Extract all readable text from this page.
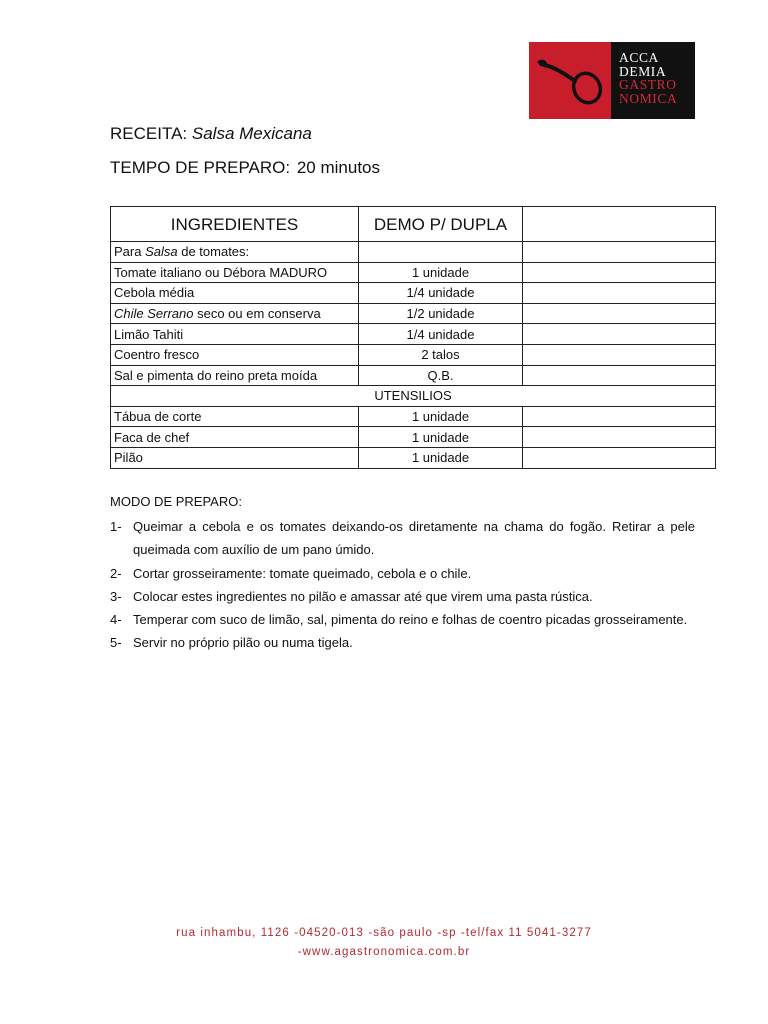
ACCA
DEMIA
GASTRO
NOMICA
RECEITA: Salsa Mexicana
TEMPO DE PREPARO: 20 minutos
INGREDIENTES	DEMO P/ DUPLA	
Para Salsa de tomates:		
Tomate italiano ou Débora MADURO	1 unidade	
Cebola média	1/4 unidade	
Chile Serrano seco ou em conserva	1/2 unidade	
Limão Tahiti	1/4 unidade	
Coentro fresco	2 talos	
Sal e pimenta do reino preta moída	Q.B.	
UTENSILIOS		
Tábua de corte	1 unidade	
Faca de chef	1 unidade	
Pilão	1 unidade	
MODO DE PREPARO:
1- Queimar a cebola e os tomates deixando-os diretamente na chama do fogão. Retirar a pele queimada com auxílio de um pano úmido.
2- Cortar grosseiramente: tomate queimado, cebola e o chile.
3- Colocar estes ingredientes no pilão e amassar até que virem uma pasta rústica.
4- Temperar com suco de limão, sal, pimenta do reino e folhas de coentro picadas grosseiramente.
5- Servir no próprio pilão ou numa tigela.
rua inhambu, 1126 -04520-013 -são paulo -sp -tel/fax 11 5041-3277
-www.agastronomica.com.br
